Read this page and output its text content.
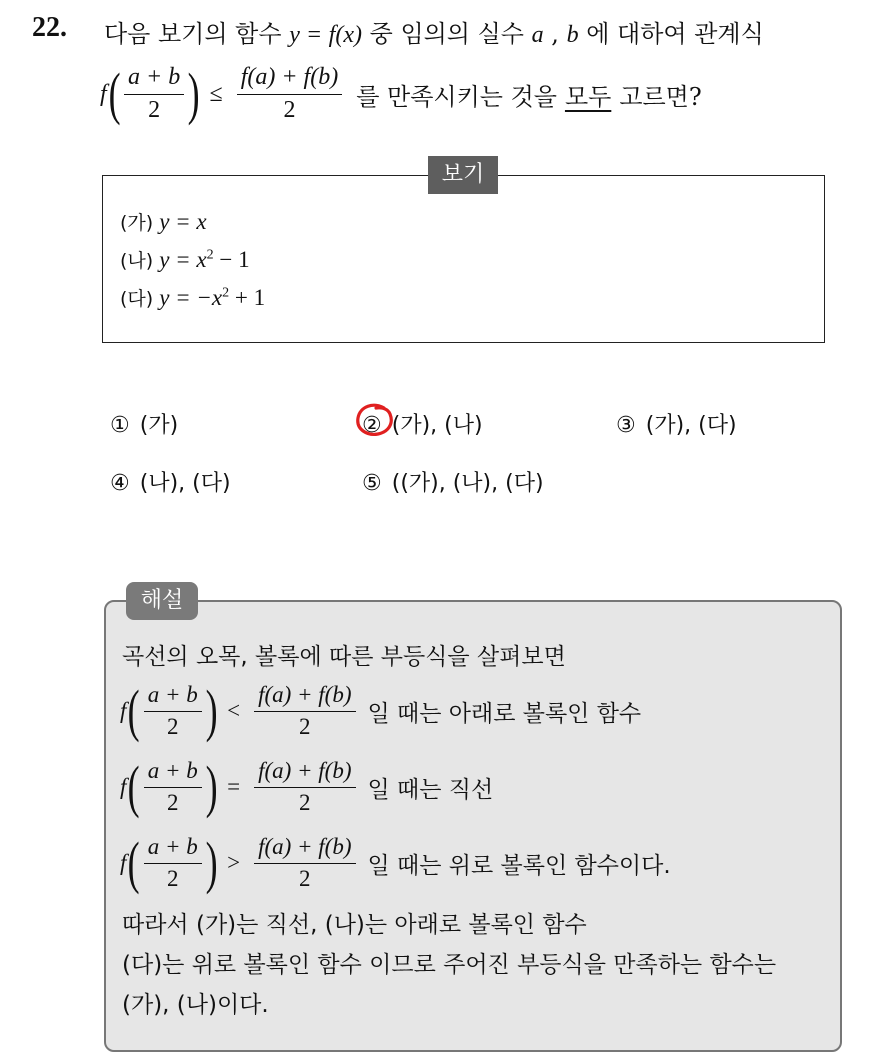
22. 다음 보기의 함수 y = f(x) 중 임의의 실수 a , b 에 대하여 관계식
f ( $\frac{a + b}{2}$ ) ≤ $\frac{f(a) + f(b)}{2}$ 를 만족시키는 것을 모두 고르면?
보기
(가) y = x
(나) $y = x^2 - 1$
(다) $y = -x^2 + 1$
① (가)	② (가), (나)	③ (가), (다)
④ (나), (다)	⑤ ((가), (나), (다)
해설
곡선의 오목, 볼록에 따른 부등식을 살펴보면
f ( $\frac{a + b}{2}$ ) < $\frac{f(a) + f(b)}{2}$ 일 때는 아래로 볼록인 함수
f ( $\frac{a + b}{2}$ ) = $\frac{f(a) + f(b)}{2}$ 일 때는 직선
f ( $\frac{a + b}{2}$ ) > $\frac{f(a) + f(b)}{2}$ 일 때는 위로 볼록인 함수이다.
따라서 (가)는 직선, (나)는 아래로 볼록인 함수
(다)는 위로 볼록인 함수 이므로 주어진 부등식을 만족하는 함수는
(가), (나)이다.
